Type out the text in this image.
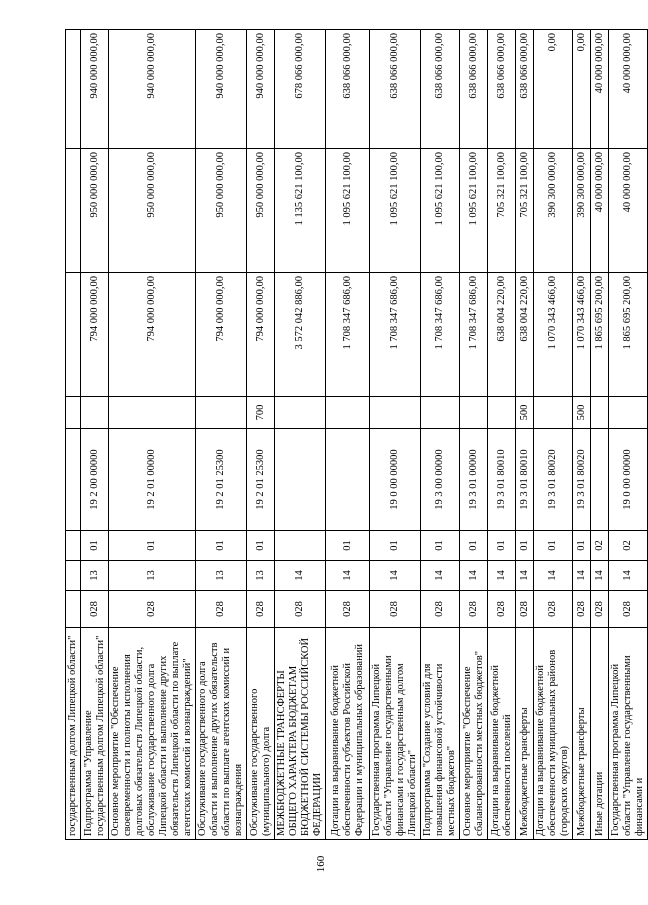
160
государственным долгом Липецкой области"								
Подпрограмма "Управление государственным долгом Липецкой области"	028	13	01	19 2 00 00000		794 000 000,00	950 000 000,00	940 000 000,00
Основное мероприятие "Обеспечение своевременности и полноты исполнения долговых обязательств Липецкой области, обслуживание государственного долга Липецкой области и выполнение других обязательств Липецкой области по выплате агентских комиссий и вознаграждений"	028	13	01	19 2 01 00000		794 000 000,00	950 000 000,00	940 000 000,00
Обслуживание государственного долга области и выполнение других обязательств области по выплате агентских комиссий и вознаграждения	028	13	01	19 2 01 25300		794 000 000,00	950 000 000,00	940 000 000,00
Обслуживание государственного (муниципального) долга	028	13	01	19 2 01 25300	700	794 000 000,00	950 000 000,00	940 000 000,00
МЕЖБЮДЖЕТНЫЕ ТРАНСФЕРТЫ ОБЩЕГО ХАРАКТЕРА БЮДЖЕТАМ БЮДЖЕТНОЙ СИСТЕМЫ РОССИЙСКОЙ ФЕДЕРАЦИИ	028	14				3 572 042 886,00	1 135 621 100,00	678 066 000,00
Дотации на выравнивание бюджетной обеспеченности субъектов Российской Федерации и муниципальных образований	028	14	01			1 708 347 686,00	1 095 621 100,00	638 066 000,00
Государственная программа Липецкой области "Управление государственными финансами и государственным долгом Липецкой области"	028	14	01	19 0 00 00000		1 708 347 686,00	1 095 621 100,00	638 066 000,00
Подпрограмма "Создание условий для повышения финансовой устойчивости местных бюджетов"	028	14	01	19 3 00 00000		1 708 347 686,00	1 095 621 100,00	638 066 000,00
Основное мероприятие "Обеспечение сбалансированности местных бюджетов"	028	14	01	19 3 01 00000		1 708 347 686,00	1 095 621 100,00	638 066 000,00
Дотации на выравнивание бюджетной обеспеченности поселений	028	14	01	19 3 01 80010		638 004 220,00	705 321 100,00	638 066 000,00
Межбюджетные трансферты	028	14	01	19 3 01 80010	500	638 004 220,00	705 321 100,00	638 066 000,00
Дотации на выравнивание бюджетной обеспеченности муниципальных районов (городских округов)	028	14	01	19 3 01 80020		1 070 343 466,00	390 300 000,00	0,00
Межбюджетные трансферты	028	14	01	19 3 01 80020	500	1 070 343 466,00	390 300 000,00	0,00
Иные дотации	028	14	02			1 865 695 200,00	40 000 000,00	40 000 000,00
Государственная программа Липецкой области "Управление государственными финансами и	028	14	02	19 0 00 00000		1 865 695 200,00	40 000 000,00	40 000 000,00
